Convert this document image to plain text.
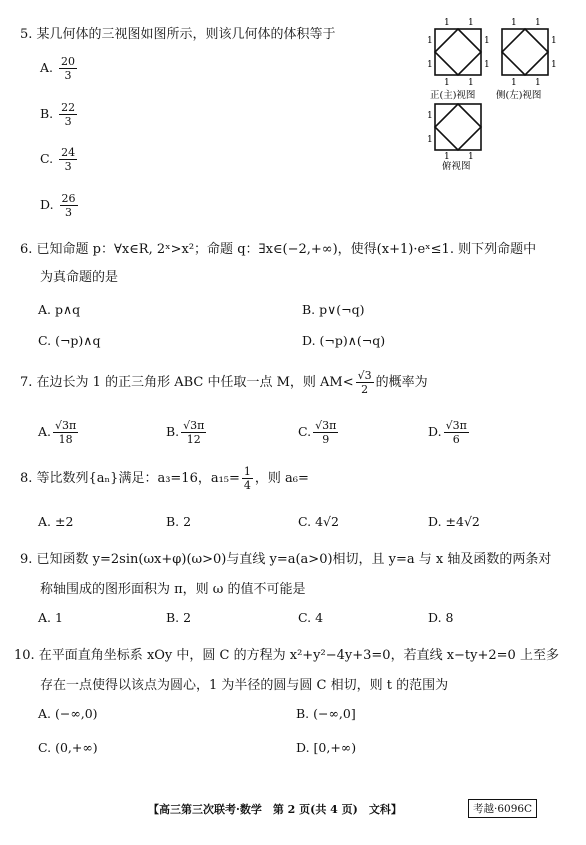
5. 某几何体的三视图如图所示，则该几何体的体积等于
A. $\frac{20}{3}$
B. $\frac{22}{3}$
C. $\frac{24}{3}$
D. $\frac{26}{3}$
1 1
1 1
1
1
1
1
正(主)视图
1 1
1 1
1
1
侧(左)视图
1
1
1 1
俯视图
6. 已知命题 p：∀x∈R, 2ˣ>x²；命题 q：∃x∈(−2,+∞)，使得(x+1)·eˣ≤1. 则下列命题中
为真命题的是
A. p∧q	B. p∨(¬q)
C. (¬p)∧q	D. (¬p)∧(¬q)
7. 在边长为 1 的正三角形 ABC 中任取一点 M，则 $AM< \frac{√3}{2}$ 的概率为
A. $\frac{√3\pi}{18}$	B. $\frac{√3\pi}{12}$	C. $\frac{√3\pi}{9}$	D. $\frac{√3\pi}{6}$
8. 等比数列{aₙ}满足：a₃=16，$a_{15}= \frac{1}{4}$ ，则 a₆=
A. ±2	B. 2	C. 4√2	D. ±4√2
9. 已知函数 y=2sin(ωx+φ)(ω>0)与直线 y=a(a>0)相切，且 y=a 与 x 轴及函数的两条对
称轴围成的图形面积为 π，则 ω 的值不可能是
A. 1	B. 2	C. 4	D. 8
10. 在平面直角坐标系 xOy 中，圆 C 的方程为 x²+y²−4y+3=0，若直线 x−ty+2=0 上至多
存在一点使得以该点为圆心，1 为半径的圆与圆 C 相切，则 t 的范围为
A. (−∞,0)	B. (−∞,0]
C. (0,+∞)	D. [0,+∞)
【高三第三次联考·数学　第 2 页(共 4 页)　文科】	考越·6096C
